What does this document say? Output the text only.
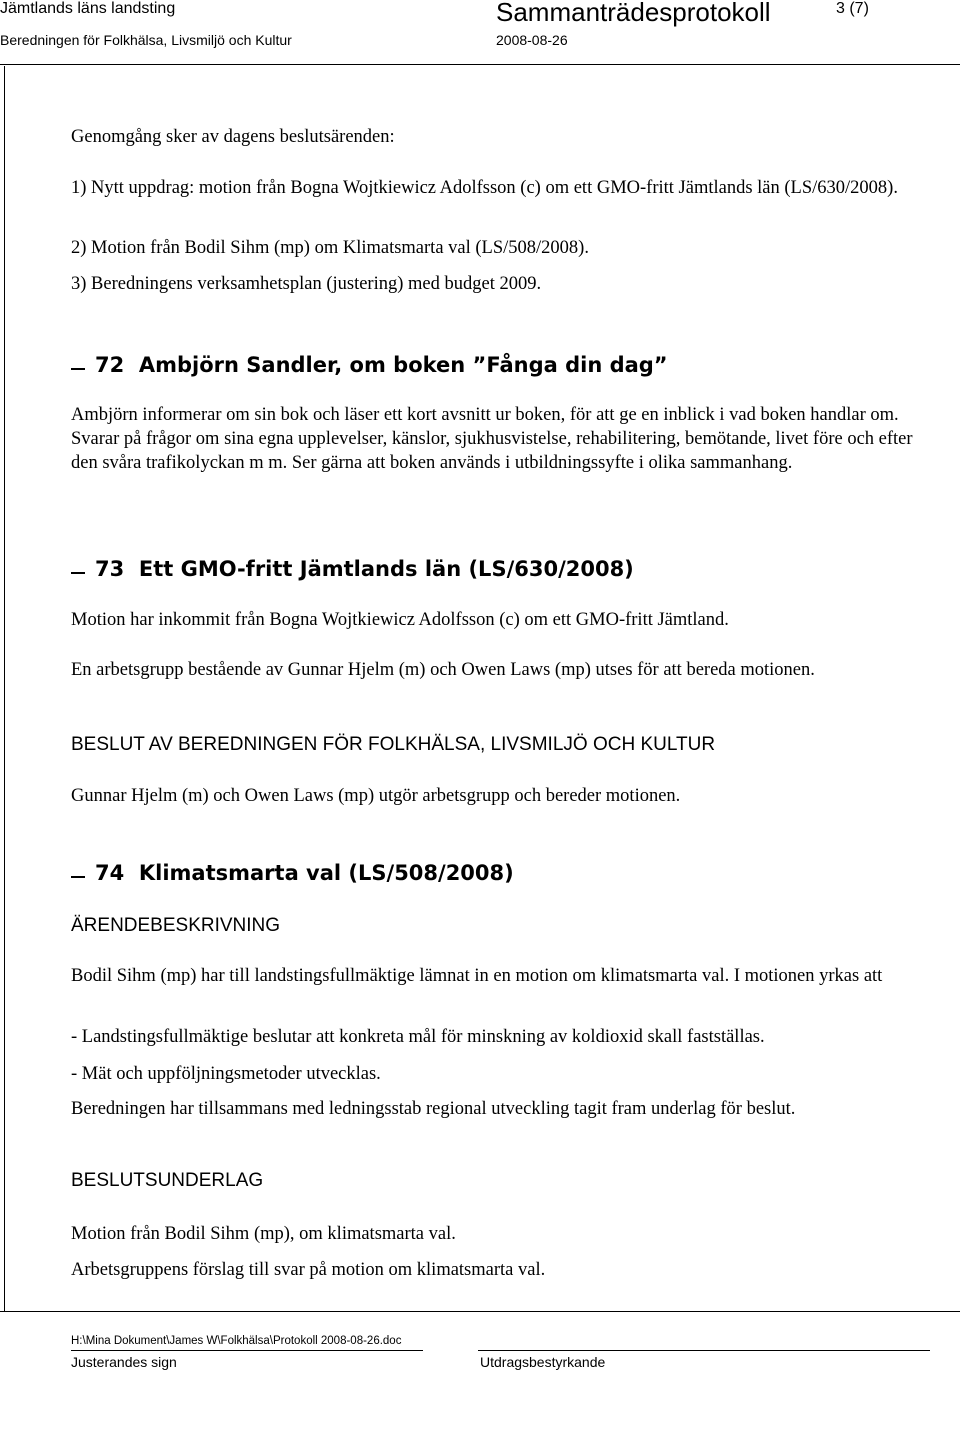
Jämtlands läns landsting	Sammanträdesprotokoll	3 (7)
Beredningen för Folkhälsa, Livsmiljö och Kultur	2008-08-26
Genomgång sker av dagens beslutsärenden:
1) Nytt uppdrag: motion från Bogna Wojtkiewicz Adolfsson (c) om ett GMO-fritt Jämtlands län (LS/630/2008).
2) Motion från Bodil Sihm (mp) om Klimatsmarta val (LS/508/2008).
3) Beredningens verksamhetsplan (justering) med budget 2009.
72 Ambjörn Sandler, om boken ”Fånga din dag”
Ambjörn informerar om sin bok och läser ett kort avsnitt ur boken, för att ge en inblick i vad boken handlar om. Svarar på frågor om sina egna upplevelser, känslor, sjukhusvistelse, rehabilitering, bemötande, livet före och efter den svåra trafikolyckan m m. Ser gärna att boken används i utbildningssyfte i olika sammanhang.
73 Ett GMO-fritt Jämtlands län (LS/630/2008)
Motion har inkommit från Bogna Wojtkiewicz Adolfsson (c) om ett GMO-fritt Jämtland.
En arbetsgrupp bestående av Gunnar Hjelm (m) och Owen Laws (mp) utses för att bereda motionen.
BESLUT AV BEREDNINGEN FÖR FOLKHÄLSA, LIVSMILJÖ OCH KULTUR
Gunnar Hjelm (m) och Owen Laws (mp) utgör arbetsgrupp och bereder motionen.
74 Klimatsmarta val (LS/508/2008)
ÄRENDEBESKRIVNING
Bodil Sihm (mp) har till landstingsfullmäktige lämnat in en motion om klimatsmarta val. I motionen yrkas att
- Landstingsfullmäktige beslutar att konkreta mål för minskning av koldioxid skall fastställas.
- Mät och uppföljningsmetoder utvecklas.
Beredningen har tillsammans med ledningsstab regional utveckling tagit fram underlag för beslut.
BESLUTSUNDERLAG
Motion från Bodil Sihm (mp), om klimatsmarta val.
Arbetsgruppens förslag till svar på motion om klimatsmarta val.
H:\Mina Dokument\James W\Folkhälsa\Protokoll 2008-08-26.doc
Justerandes sign	Utdragsbestyrkande
